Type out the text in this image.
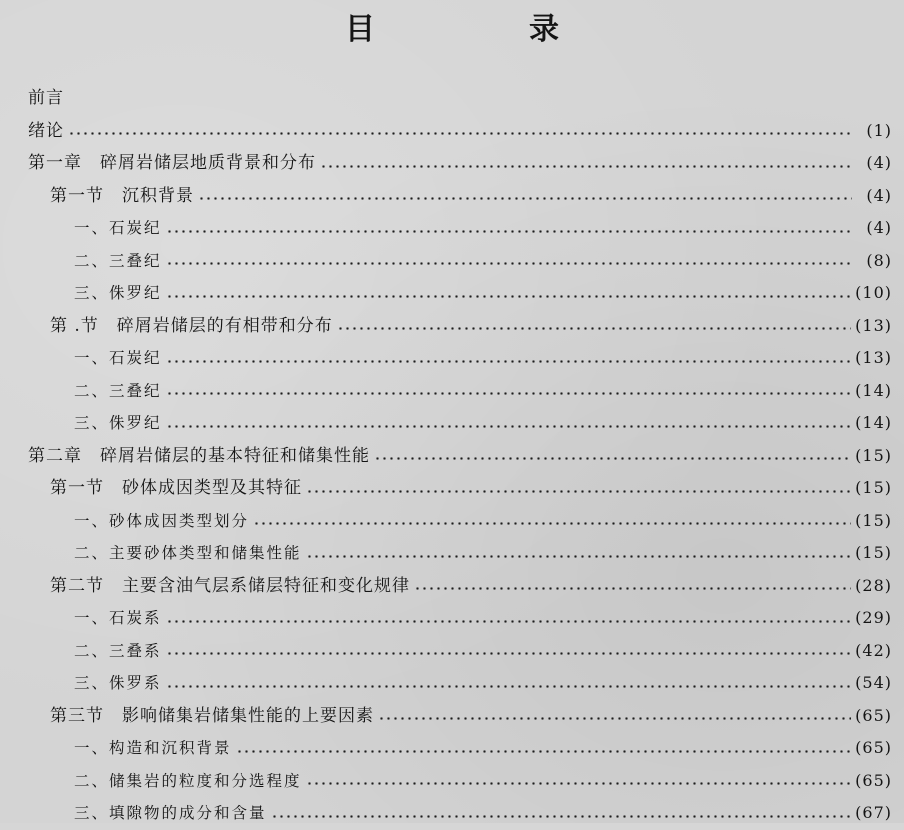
目　录
前言
绪论	(1)
第一章　碎屑岩储层地质背景和分布	(4)
第一节　沉积背景	(4)
一、石炭纪	(4)
二、三叠纪	(8)
三、侏罗纪	(10)
第 .节　碎屑岩储层的有相带和分布	(13)
一、石炭纪	(13)
二、三叠纪	(14)
三、侏罗纪	(14)
第二章　碎屑岩储层的基本特征和储集性能	(15)
第一节　砂体成因类型及其特征	(15)
一、砂体成因类型划分	(15)
二、主要砂体类型和储集性能	(15)
第二节　主要含油气层系储层特征和变化规律	(28)
一、石炭系	(29)
二、三叠系	(42)
三、侏罗系	(54)
第三节　影响储集岩储集性能的上要因素	(65)
一、构造和沉积背景	(65)
二、储集岩的粒度和分选程度	(65)
三、填隙物的成分和含量	(67)
